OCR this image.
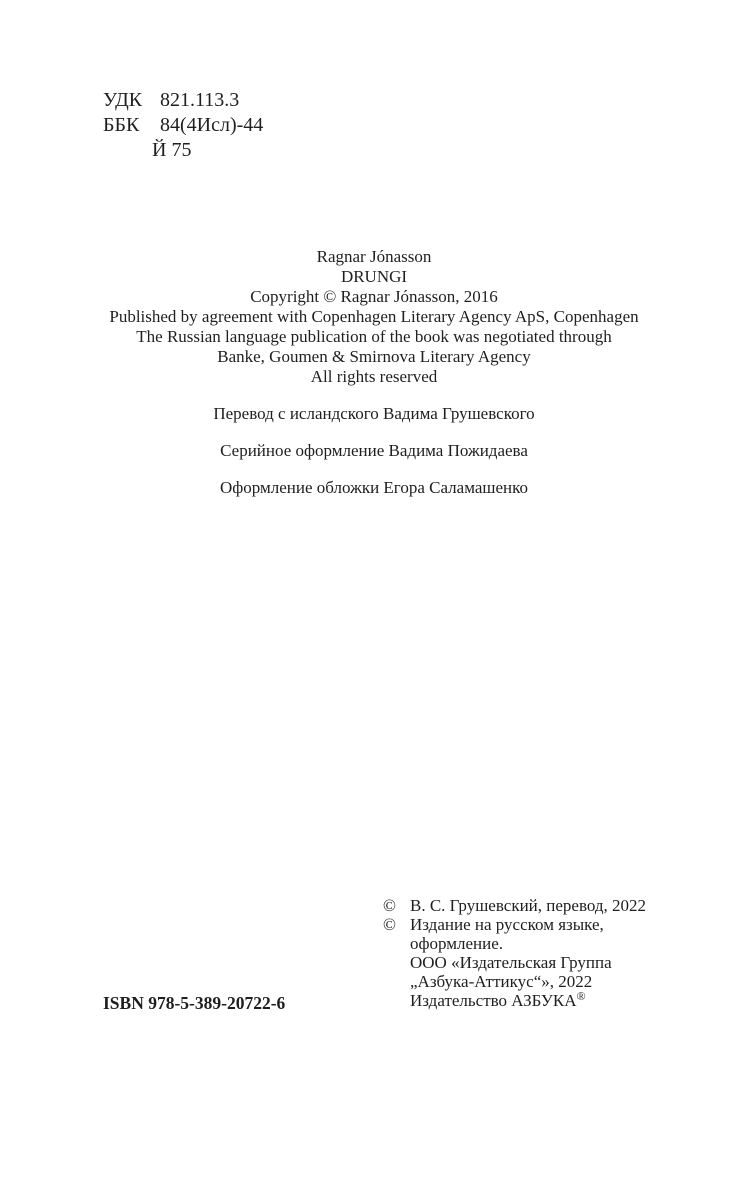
УДК 821.113.3
ББК 84(4Исл)-44
Й 75
Ragnar Jónasson
DRUNGI
Copyright © Ragnar Jónasson, 2016
Published by agreement with Copenhagen Literary Agency ApS, Copenhagen
The Russian language publication of the book was negotiated through
Banke, Goumen & Smirnova Literary Agency
All rights reserved
Перевод с исландского Вадима Грушевского
Серийное оформление Вадима Пожидаева
Оформление обложки Егора Саламашенко
© В. С. Грушевский, перевод, 2022
© Издание на русском языке,
оформление.
ООО «Издательская Группа
„Азбука-Аттикус“», 2022
Издательство АЗБУКА®
ISBN 978-5-389-20722-6
